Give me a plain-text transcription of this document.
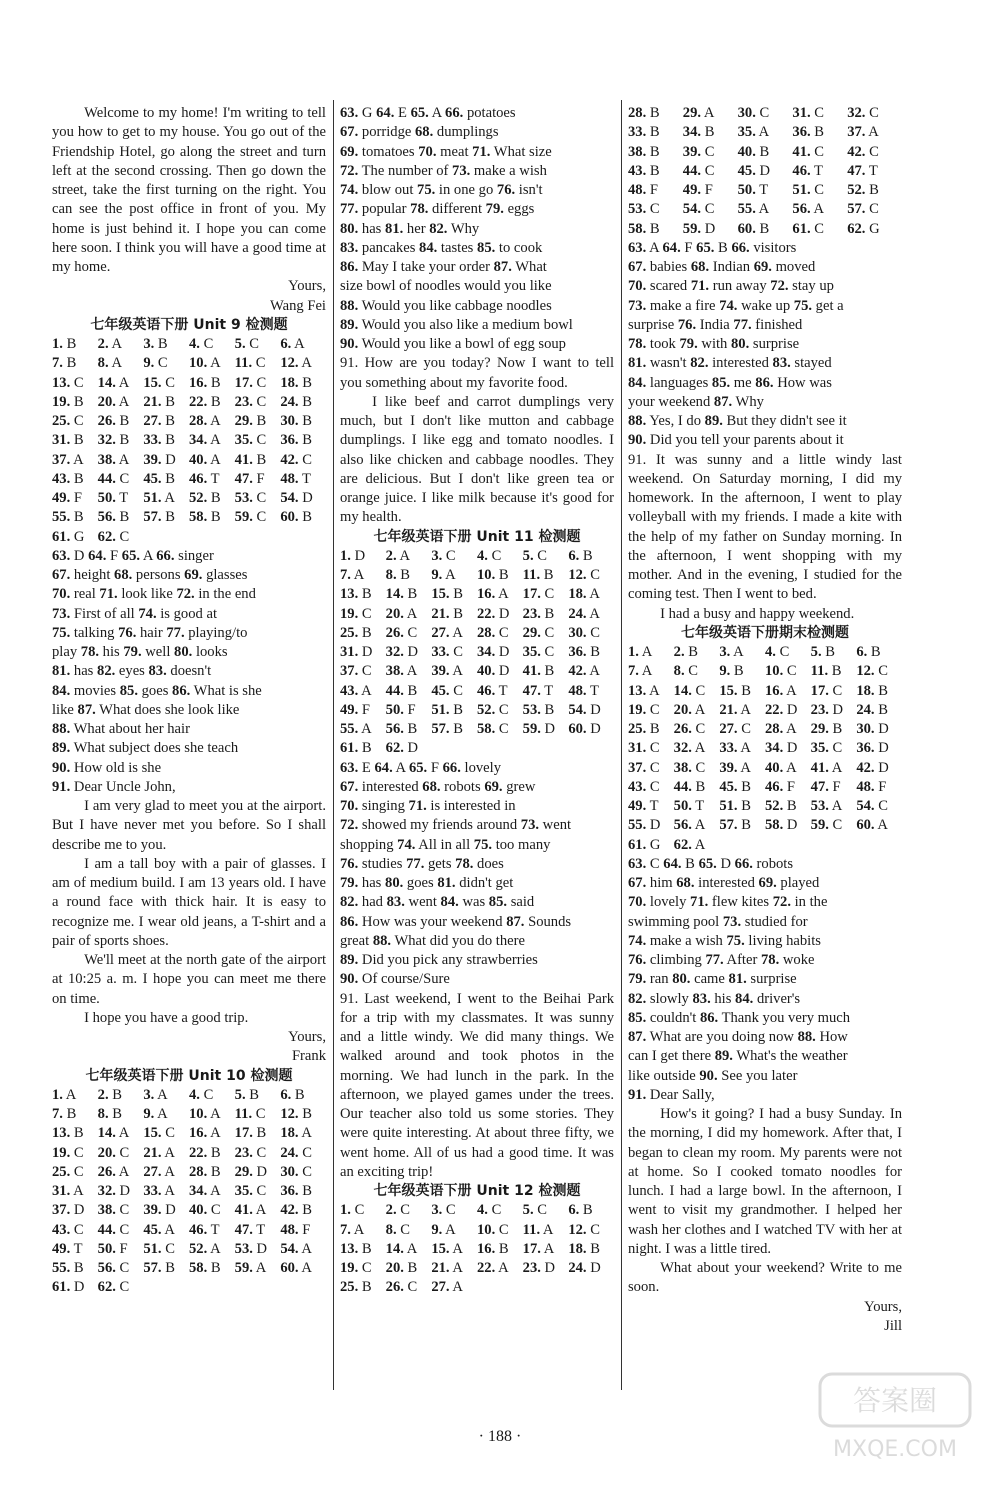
Welcome to my home! I'm writing to tell you how to get to my house. You go out of the Friendship Hotel, go along the street and turn left at the second crossing. Then go down the street, take the first turning on the right. You can see the post office in front of you. My home is just behind it. I hope you can come here soon. I think you will have a good time at my home.

Yours,

Wang Fei

七年级英语下册 Unit 9 检测题

1. B	2. A	3. B	4. C	5. C	6. A
7. B	8. A	9. C	10. A 11. C	12. A
13. C 14. A 15. C 16. B 17. C 18. B
19. B 20. A 21. B 22. B 23. C 24. B
25. C 26. B 27. B 28. A 29. B 30. B
31. B 32. B 33. B 34. A 35. C 36. B
37. A 38. A 39. D 40. A 41. B 42. C
43. B 44. C 45. B 46. T	47. F	48. T
49. F	50. T	51. A 52. B 53. C 54. D
55. B 56. B 57. B 58. B 59. C 60. B
61. G 62. C

63. D 64. F 65. A 66. singer

67. height 68. persons 69. glasses

70. real 71. look like 72. in the end

73. First of all 74. is good at

75. talking 76. hair 77. playing/to

play 78. his 79. well 80. looks

81. has 82. eyes 83. doesn't

84. movies 85. goes 86. What is she

like 87. What does she look like

88. What about her hair

89. What subject does she teach

90. How old is she

91. Dear Uncle John,

I am very glad to meet you at the airport. But I have never met you before. So I shall describe me to you.

I am a tall boy with a pair of glasses. I am of medium build. I am 13 years old. I have a round face with thick hair. It is easy to recognize me. I wear old jeans, a T-shirt and a pair of sports shoes.

We'll meet at the north gate of the airport at 10:25 a. m. I hope you can meet me there on time.

I hope you have a good trip.

Yours,

Frank

七年级英语下册 Unit 10 检测题

1. A	2. B	3. A	4. C	5. B	6. B
7. B	8. B	9. A	10. A 11. C	12. B
13. B 14. A 15. C 16. A 17. B 18. A
19. C 20. C 21. A 22. B 23. C 24. C
25. C 26. A 27. A 28. B 29. D 30. C
31. A 32. D 33. A 34. A 35. C 36. B
37. D 38. C 39. D 40. C 41. A 42. B
43. C 44. C 45. A 46. T	47. T	48. F
49. T	50. F	51. C 52. A 53. D 54. A
55. B 56. C 57. B 58. B 59. A 60. A
61. D 62. C

63. G 64. E 65. A 66. potatoes

67. porridge 68. dumplings

69. tomatoes 70. meat 71. What size

72. The number of 73. make a wish

74. blow out 75. in one go 76. isn't

77. popular 78. different 79. eggs

80. has 81. her 82. Why

83. pancakes 84. tastes 85. to cook

86. May I take your order 87. What

size bowl of noodles would you like

88. Would you like cabbage noodles

89. Would you also like a medium bowl

90. Would you like a bowl of egg soup

91. How are you today? Now I want to tell you something about my favorite food.

I like beef and carrot dumplings very much, but I don't like mutton and cabbage dumplings. I like egg and tomato noodles. I also like chicken and cabbage noodles. They are delicious. But I don't like green tea or orange juice. I like milk because it's good for my health.

七年级英语下册 Unit 11 检测题

1. D	2. A	3. C	4. C	5. C	6. B
7. A	8. B	9. A	10. B 11. B	12. C
13. B 14. B 15. B 16. A 17. C 18. A
19. C 20. A 21. B 22. D 23. B 24. A
25. B 26. C 27. A 28. C 29. C 30. C
31. D 32. D 33. C 34. D 35. C 36. B
37. C 38. A 39. A 40. D 41. B 42. A
43. A 44. B 45. C 46. T	47. T	48. T
49. F	50. F	51. B 52. C 53. B 54. D
55. A 56. B 57. B 58. C 59. D 60. D
61. B 62. D

63. E 64. A 65. F 66. lovely

67. interested 68. robots 69. grew

70. singing 71. is interested in

72. showed my friends around 73. went

shopping 74. All in all 75. too many

76. studies 77. gets 78. does

79. has 80. goes 81. didn't get

82. had 83. went 84. was 85. said

86. How was your weekend 87. Sounds

great 88. What did you do there

89. Did you pick any strawberries

90. Of course/Sure

91. Last weekend, I went to the Beihai Park for a trip with my classmates. It was sunny and a little windy. We did many things. We walked around and took photos in the morning. We had lunch in the park. In the afternoon, we played games under the trees. Our teacher also told us some stories. They were quite interesting. At about three fifty, we went home. All of us had a good time. It was an exciting trip!

七年级英语下册 Unit 12 检测题

1. C	2. C	3. C	4. C	5. C	6. B
7. A	8. C	9. A	10. C 11. A	12. C
13. B 14. A 15. A 16. B 17. A 18. B
19. C 20. B 21. A 22. A 23. D 24. D
25. B 26. C 27. A
28. B	29. A	30. C	31. C	32. C
33. B	34. B	35. A	36. B	37. A
38. B	39. C	40. B	41. C	42. C
43. B	44. C	45. D	46. T	47. T
48. F	49. F	50. T	51. C	52. B
53. C	54. C	55. A	56. A	57. C
58. B	59. D	60. B	61. C	62. G

63. A 64. F 65. B 66. visitors

67. babies 68. Indian 69. moved

70. scared 71. run away 72. stay up

73. make a fire 74. wake up 75. get a

surprise 76. India 77. finished

78. took 79. with 80. surprise

81. wasn't 82. interested 83. stayed

84. languages 85. me 86. How was

your weekend 87. Why

88. Yes, I do 89. But they didn't see it

90. Did you tell your parents about it

91. It was sunny and a little windy last weekend. On Saturday morning, I did my homework. In the afternoon, I went to play volleyball with my friends. I made a kite with the help of my father on Sunday morning. In the afternoon, I went shopping with my mother. And in the evening, I studied for the coming test. Then I went to bed.

I had a busy and happy weekend.

七年级英语下册期末检测题

1. A	2. B	3. A	4. C	5. B	6. B
7. A	8. C	9. B	10. C 11. B	12. C
13. A 14. C 15. B 16. A 17. C 18. B
19. C 20. A 21. A 22. D 23. D 24. B
25. B 26. C 27. C 28. A 29. B 30. D
31. C 32. A 33. A 34. D 35. C 36. D
37. C 38. C 39. A 40. A 41. A 42. D
43. C 44. B 45. B 46. F	47. F	48. F
49. T	50. T	51. B 52. B 53. A 54. C
55. D 56. A 57. B 58. D 59. C 60. A
61. G 62. A

63. C 64. B 65. D 66. robots

67. him 68. interested 69. played

70. lovely 71. flew kites 72. in the

swimming pool 73. studied for

74. make a wish 75. living habits

76. climbing 77. After 78. woke

79. ran 80. came 81. surprise

82. slowly 83. his 84. driver's

85. couldn't 86. Thank you very much

87. What are you doing now 88. How

can I get there 89. What's the weather

like outside 90. See you later

91. Dear Sally,

How's it going? I had a busy Sunday. In the morning, I did my homework. After that, I began to clean my room. My parents were not at home. So I cooked tomato noodles for lunch. I had a large bowl. In the afternoon, I went to visit my grandmother. I helped her wash her clothes and I watched TV with her at night. I was a little tired.

What about your weekend? Write to me soon.

Yours,

Jill

· 188 ·
答案圈
MXQE.COM
